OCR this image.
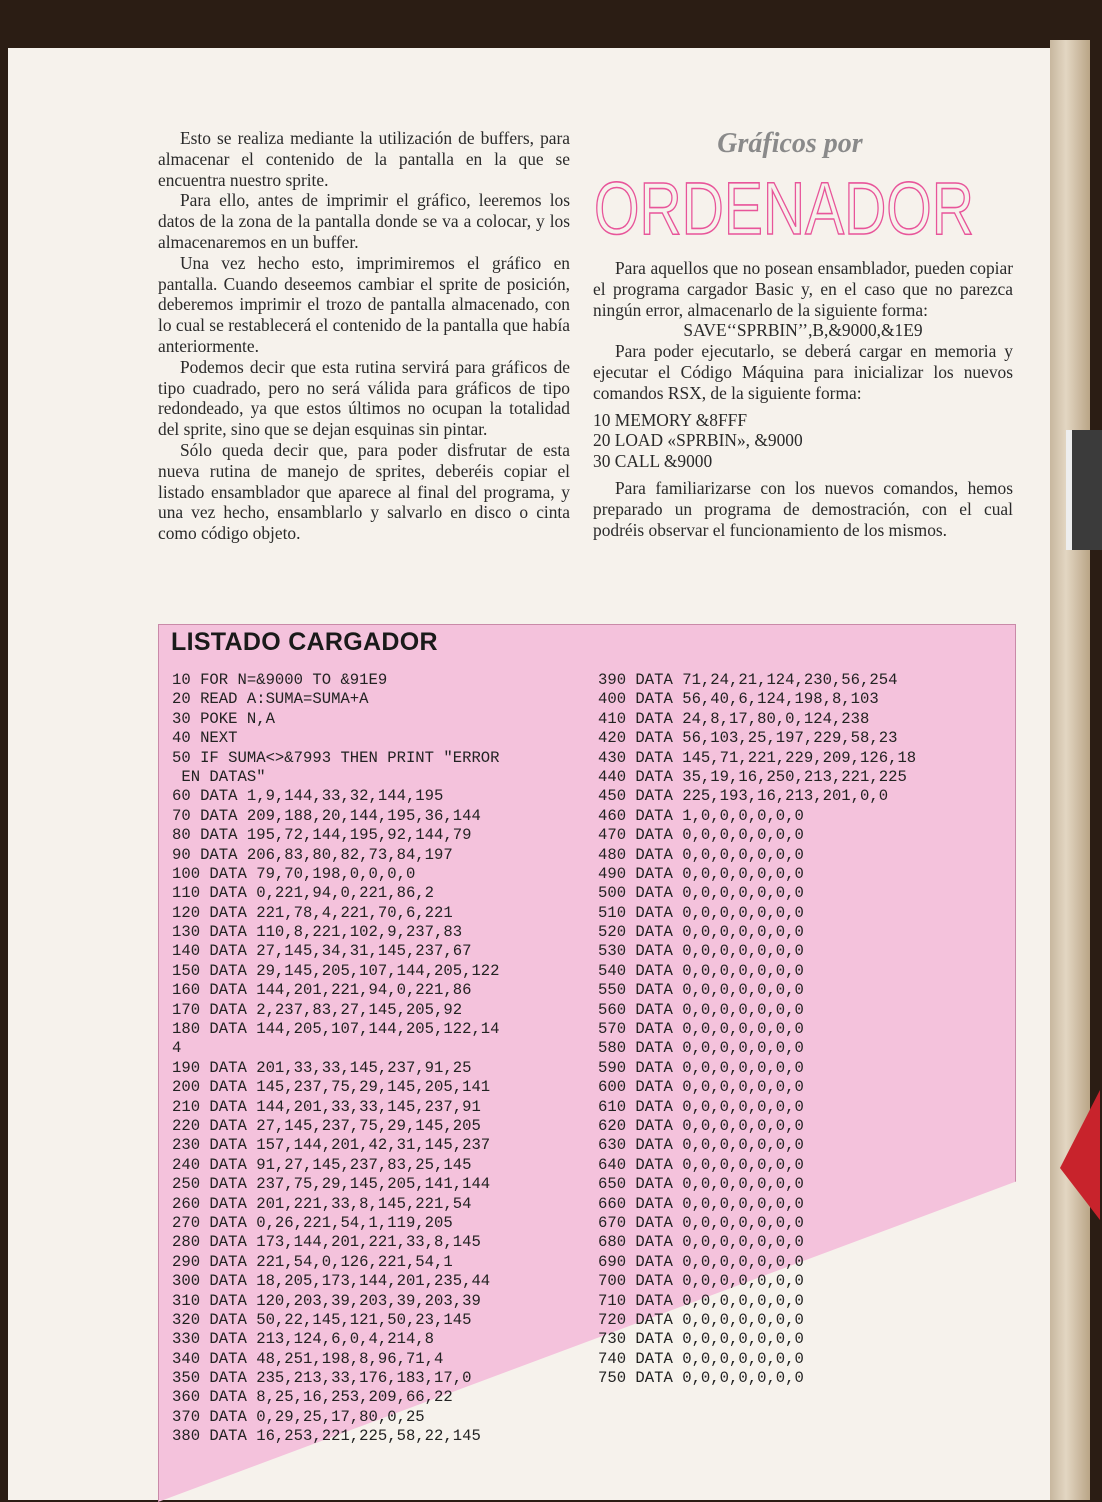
Esto se realiza mediante la utilización de buffers, para almacenar el contenido de la pantalla en la que se encuentra nuestro sprite.

Para ello, antes de imprimir el gráfico, leeremos los datos de la zona de la pantalla donde se va a colocar, y los almacenaremos en un buffer.

Una vez hecho esto, imprimiremos el gráfico en pantalla. Cuando deseemos cambiar el sprite de posición, deberemos imprimir el trozo de pantalla almacenado, con lo cual se restablecerá el contenido de la pantalla que había anteriormente.

Podemos decir que esta rutina servirá para gráficos de tipo cuadrado, pero no será válida para gráficos de tipo redondeado, ya que estos últimos no ocupan la totalidad del sprite, sino que se dejan esquinas sin pintar.

Sólo queda decir que, para poder disfrutar de esta nueva rutina de manejo de sprites, deberéis copiar el listado ensamblador que aparece al final del programa, y una vez hecho, ensamblarlo y salvarlo en disco o cinta como código objeto.

Gráficos por
ORDENADOR

Para aquellos que no posean ensamblador, pueden copiar el programa cargador Basic y, en el caso que no parezca ningún error, almacenarlo de la siguiente forma:

SAVE‘‘SPRBIN’’,B,&9000,&1E9

Para poder ejecutarlo, se deberá cargar en memoria y ejecutar el Código Máquina para inicializar los nuevos comandos RSX, de la siguiente forma:

10 MEMORY &8FFF

20 LOAD «SPRBIN», &9000

30 CALL &9000

Para familiarizarse con los nuevos comandos, hemos preparado un programa de demostración, con el cual podréis observar el funcionamiento de los mismos.

LISTADO CARGADOR
10 FOR N=&9000 TO &91E9
20 READ A:SUMA=SUMA+A
30 POKE N,A
40 NEXT
50 IF SUMA<>&7993 THEN PRINT "ERROR
EN DATAS"
60 DATA 1,9,144,33,32,144,195
70 DATA 209,188,20,144,195,36,144
80 DATA 195,72,144,195,92,144,79
90 DATA 206,83,80,82,73,84,197
100 DATA 79,70,198,0,0,0,0
110 DATA 0,221,94,0,221,86,2
120 DATA 221,78,4,221,70,6,221
130 DATA 110,8,221,102,9,237,83
140 DATA 27,145,34,31,145,237,67
150 DATA 29,145,205,107,144,205,122
160 DATA 144,201,221,94,0,221,86
170 DATA 2,237,83,27,145,205,92
180 DATA 144,205,107,144,205,122,14
4
190 DATA 201,33,33,145,237,91,25
200 DATA 145,237,75,29,145,205,141
210 DATA 144,201,33,33,145,237,91
220 DATA 27,145,237,75,29,145,205
230 DATA 157,144,201,42,31,145,237
240 DATA 91,27,145,237,83,25,145
250 DATA 237,75,29,145,205,141,144
260 DATA 201,221,33,8,145,221,54
270 DATA 0,26,221,54,1,119,205
280 DATA 173,144,201,221,33,8,145
290 DATA 221,54,0,126,221,54,1
300 DATA 18,205,173,144,201,235,44
310 DATA 120,203,39,203,39,203,39
320 DATA 50,22,145,121,50,23,145
330 DATA 213,124,6,0,4,214,8
340 DATA 48,251,198,8,96,71,4
350 DATA 235,213,33,176,183,17,0
360 DATA 8,25,16,253,209,66,22
370 DATA 0,29,25,17,80,0,25
380 DATA 16,253,221,225,58,22,145
390 DATA 71,24,21,124,230,56,254
400 DATA 56,40,6,124,198,8,103
410 DATA 24,8,17,80,0,124,238
420 DATA 56,103,25,197,229,58,23
430 DATA 145,71,221,229,209,126,18
440 DATA 35,19,16,250,213,221,225
450 DATA 225,193,16,213,201,0,0
460 DATA 1,0,0,0,0,0,0
470 DATA 0,0,0,0,0,0,0
480 DATA 0,0,0,0,0,0,0
490 DATA 0,0,0,0,0,0,0
500 DATA 0,0,0,0,0,0,0
510 DATA 0,0,0,0,0,0,0
520 DATA 0,0,0,0,0,0,0
530 DATA 0,0,0,0,0,0,0
540 DATA 0,0,0,0,0,0,0
550 DATA 0,0,0,0,0,0,0
560 DATA 0,0,0,0,0,0,0
570 DATA 0,0,0,0,0,0,0
580 DATA 0,0,0,0,0,0,0
590 DATA 0,0,0,0,0,0,0
600 DATA 0,0,0,0,0,0,0
610 DATA 0,0,0,0,0,0,0
620 DATA 0,0,0,0,0,0,0
630 DATA 0,0,0,0,0,0,0
640 DATA 0,0,0,0,0,0,0
650 DATA 0,0,0,0,0,0,0
660 DATA 0,0,0,0,0,0,0
670 DATA 0,0,0,0,0,0,0
680 DATA 0,0,0,0,0,0,0
690 DATA 0,0,0,0,0,0,0
700 DATA 0,0,0,0,0,0,0
710 DATA 0,0,0,0,0,0,0
720 DATA 0,0,0,0,0,0,0
730 DATA 0,0,0,0,0,0,0
740 DATA 0,0,0,0,0,0,0
750 DATA 0,0,0,0,0,0,0
